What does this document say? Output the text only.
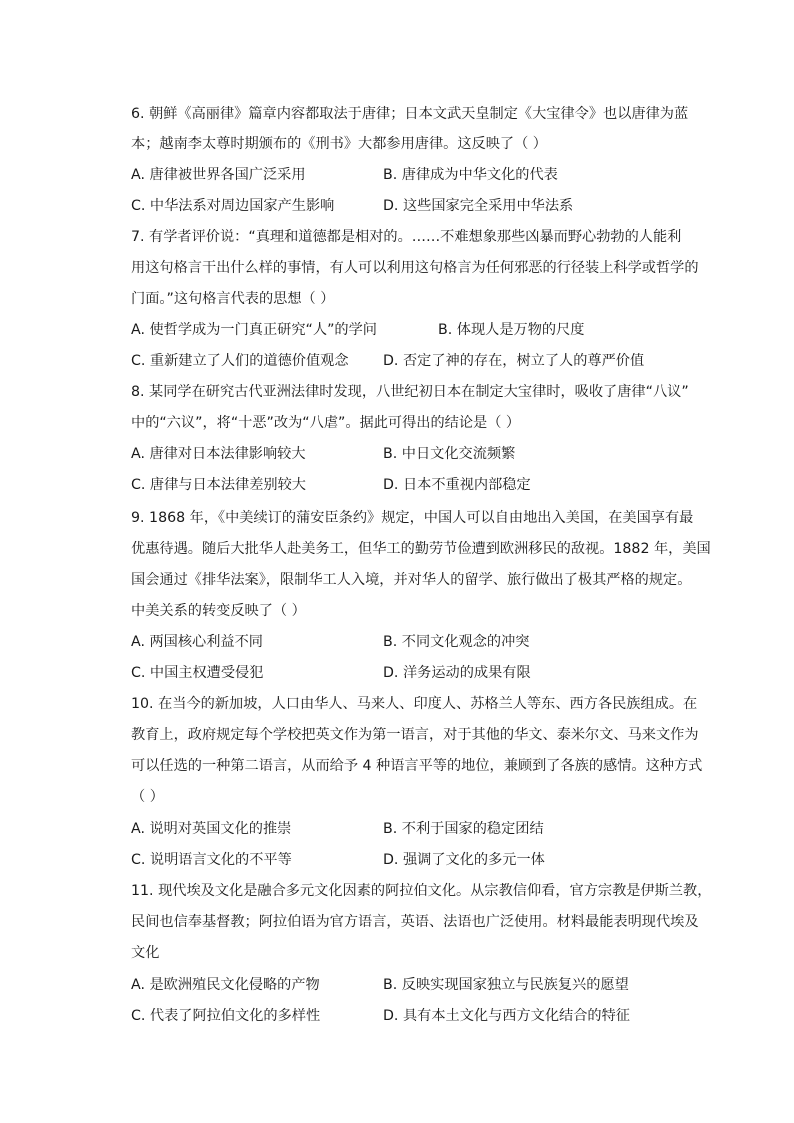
6. 朝鲜《高丽律》篇章内容都取法于唐律；日本文武天皇制定《大宝律令》也以唐律为蓝
本；越南李太尊时期颁布的《刑书》大都参用唐律。这反映了（ ）
A. 唐律被世界各国广泛采用	B. 唐律成为中华文化的代表
C. 中华法系对周边国家产生影响	D. 这些国家完全采用中华法系
7. 有学者评价说：“真理和道德都是相对的。……不难想象那些凶暴而野心勃勃的人能利
用这句格言干出什么样的事情，有人可以利用这句格言为任何邪恶的行径装上科学或哲学的
门面。”这句格言代表的思想（ ）
A. 使哲学成为一门真正研究“人”的学问	B. 体现人是万物的尺度
C. 重新建立了人们的道德价值观念 D. 否定了神的存在，树立了人的尊严价值
8. 某同学在研究古代亚洲法律时发现，八世纪初日本在制定大宝律时，吸收了唐律“八议”
中的“六议”，将“十恶”改为“八虐”。据此可得出的结论是（ ）
A. 唐律对日本法律影响较大	B. 中日文化交流频繁
C. 唐律与日本法律差别较大	D. 日本不重视内部稳定
9. 1868 年，《中美续订的蒲安臣条约》规定，中国人可以自由地出入美国，在美国享有最
优惠待遇。随后大批华人赴美务工，但华工的勤劳节俭遭到欧洲移民的敌视。1882 年，美国
国会通过《排华法案》，限制华工人入境，并对华人的留学、旅行做出了极其严格的规定。
中美关系的转变反映了（ ）
A. 两国核心利益不同	B. 不同文化观念的冲突
C. 中国主权遭受侵犯	D. 洋务运动的成果有限
10. 在当今的新加坡，人口由华人、马来人、印度人、苏格兰人等东、西方各民族组成。在
教育上，政府规定每个学校把英文作为第一语言，对于其他的华文、泰米尔文、马来文作为
可以任选的一种第二语言，从而给予 4 种语言平等的地位，兼顾到了各族的感情。这种方式
（ ）
A. 说明对英国文化的推崇	B. 不利于国家的稳定团结
C. 说明语言文化的不平等	D. 强调了文化的多元一体
11. 现代埃及文化是融合多元文化因素的阿拉伯文化。从宗教信仰看，官方宗教是伊斯兰教，
民间也信奉基督教；阿拉伯语为官方语言，英语、法语也广泛使用。材料最能表明现代埃及
文化
A. 是欧洲殖民文化侵略的产物	B. 反映实现国家独立与民族复兴的愿望
C. 代表了阿拉伯文化的多样性	D. 具有本土文化与西方文化结合的特征
